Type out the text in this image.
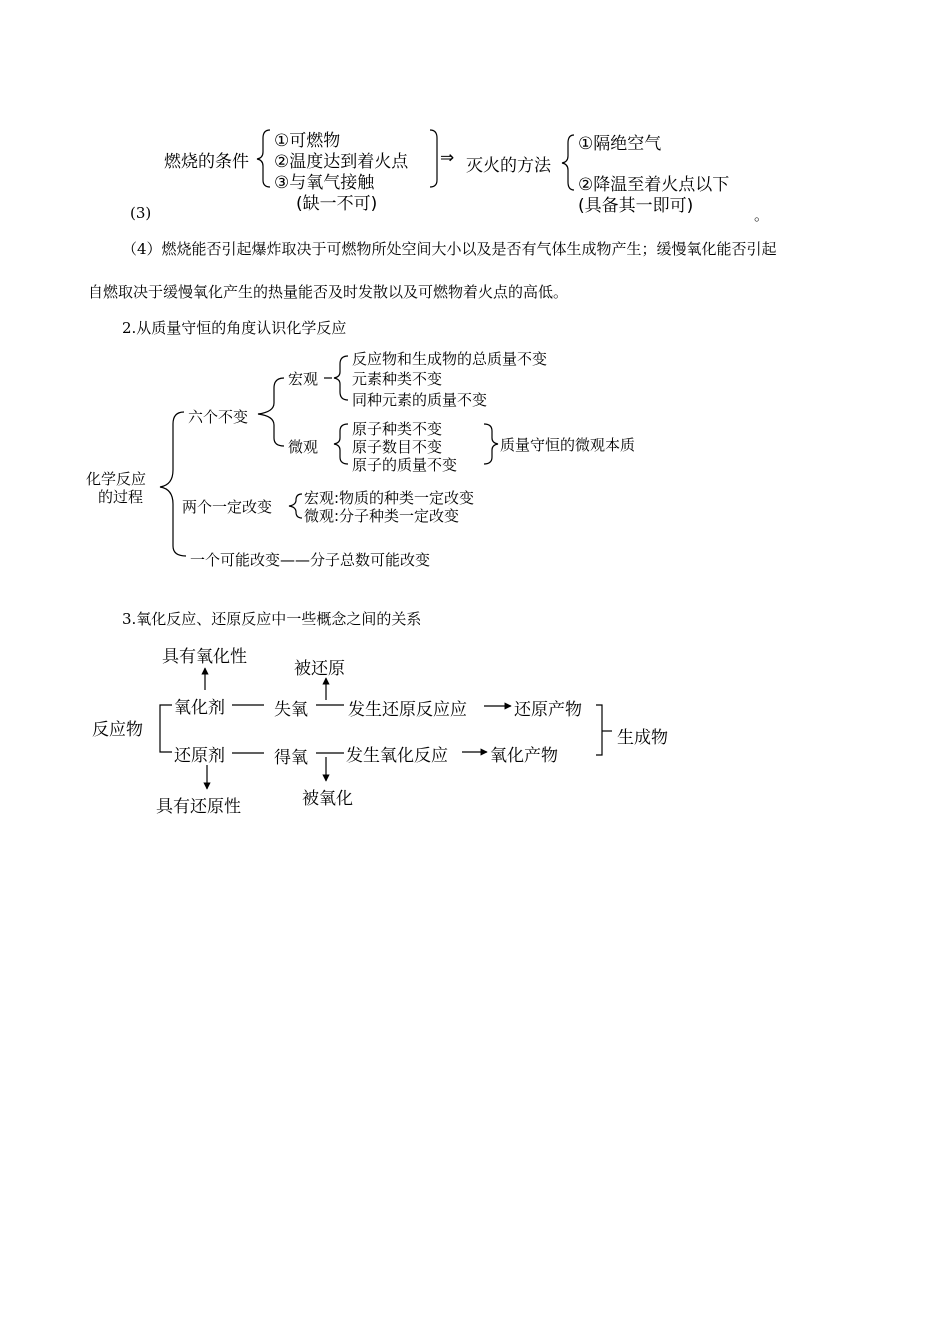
(3)
燃烧的条件
①可燃物
②温度达到着火点
③与氧气接触
(缺一不可)
⇒ 灭火的方法
①隔绝空气
②降温至着火点以下
(具备其一即可)	。
（4）燃烧能否引起爆炸取决于可燃物所处空间大小以及是否有气体生成物产生；缓慢氧化能否引起
自燃取决于缓慢氧化产生的热量能否及时发散以及可燃物着火点的高低。
2.从质量守恒的角度认识化学反应
化学反应
的过程
六个不变
宏观
反应物和生成物的总质量不变
元素种类不变
同种元素的质量不变
微观
原子种类不变
原子数目不变
原子的质量不变
质量守恒的微观本质
两个一定改变 宏观:物质的种类一定改变
微观:分子种类一定改变
一个可能改变——分子总数可能改变
3.氧化反应、还原反应中一些概念之间的关系
具有氧化性
被还原
反应物
氧化剂	失氧 发生还原反应应	还原产物
生成物
还原剂	得氧 发生氧化反应 氧化产物
具有还原性	被氧化
